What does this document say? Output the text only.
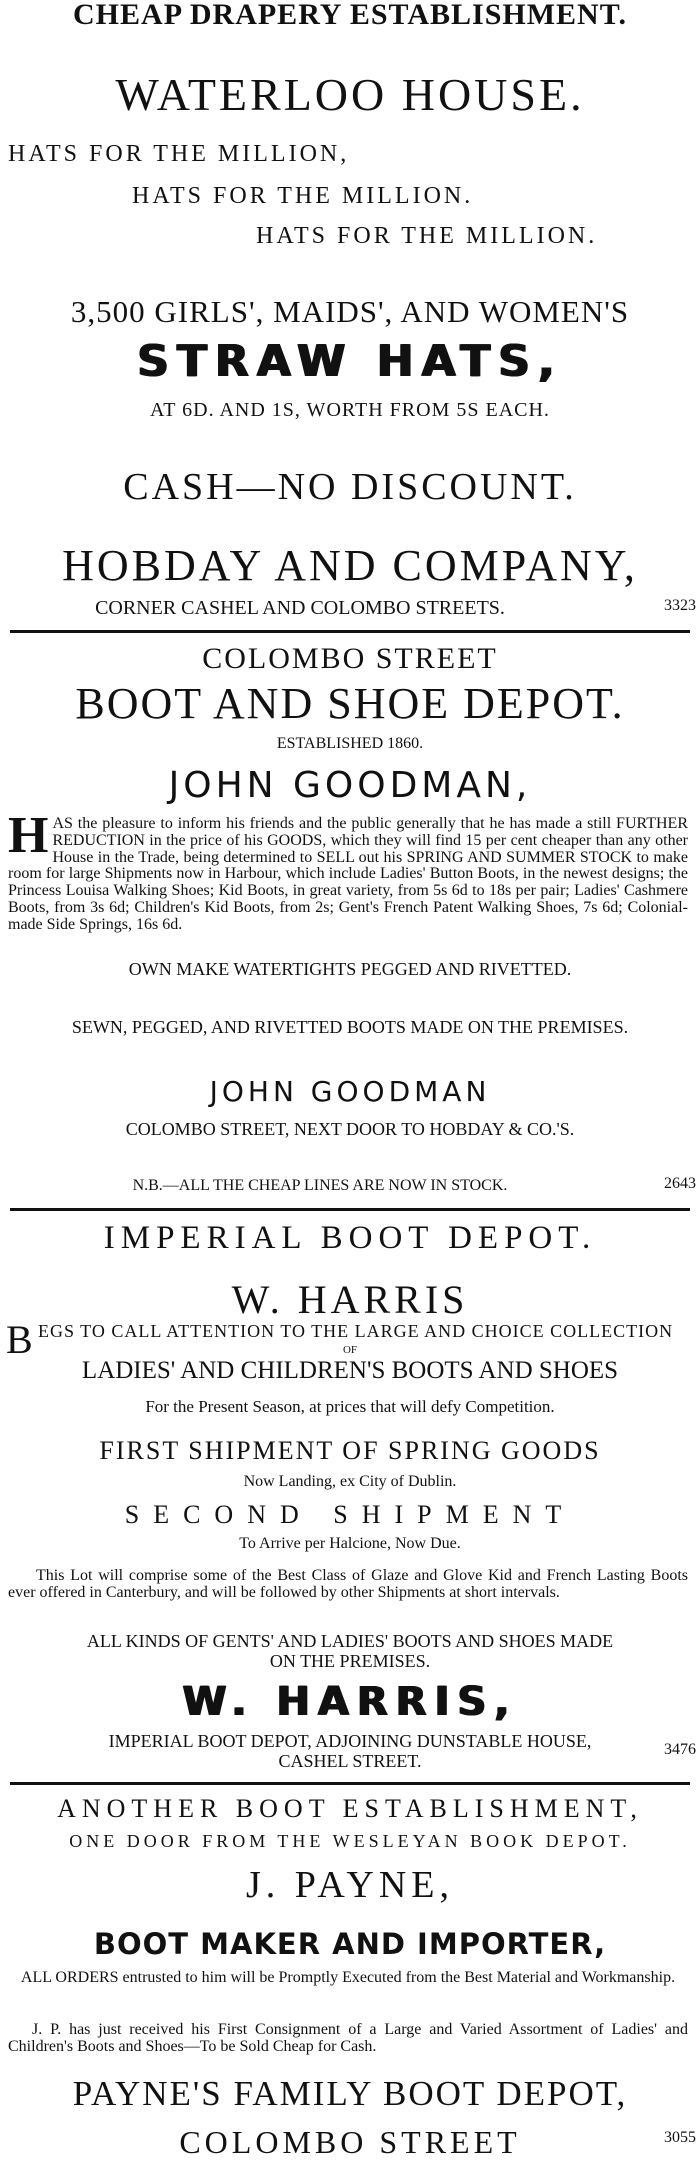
CHEAP DRAPERY ESTABLISHMENT.
WATERLOO HOUSE.
HATS FOR THE MILLION,
HATS FOR THE MILLION.
HATS FOR THE MILLION.
3,500 GIRLS', MAIDS', AND WOMEN'S
STRAW HATS,
AT 6D. AND 1S, WORTH FROM 5S EACH.
CASH—NO DISCOUNT.
HOBDAY AND COMPANY,
CORNER CASHEL AND COLOMBO STREETS.	3323
COLOMBO STREET
BOOT AND SHOE DEPOT.
ESTABLISHED 1860.
JOHN GOODMAN,
HAS the pleasure to inform his friends and the public generally that he has made a still FURTHER REDUCTION in the price of his GOODS, which they will find 15 per cent cheaper than any other House in the Trade, being determined to SELL out his SPRING AND SUMMER STOCK to make room for large Shipments now in Harbour, which include Ladies' Button Boots, in the newest designs; the Princess Louisa Walking Shoes; Kid Boots, in great variety, from 5s 6d to 18s per pair; Ladies' Cashmere Boots, from 3s 6d; Children's Kid Boots, from 2s; Gent's French Patent Walking Shoes, 7s 6d; Colonial-made Side Springs, 16s 6d.
OWN MAKE WATERTIGHTS PEGGED AND RIVETTED.
SEWN, PEGGED, AND RIVETTED BOOTS MADE ON THE PREMISES.
JOHN GOODMAN
COLOMBO STREET, NEXT DOOR TO HOBDAY & CO.'S.
N.B.—ALL THE CHEAP LINES ARE NOW IN STOCK.	2643
IMPERIAL BOOT DEPOT.
W. HARRIS
B EGS TO CALL ATTENTION TO THE LARGE AND CHOICE COLLECTION
OF
LADIES' AND CHILDREN'S BOOTS AND SHOES
For the Present Season, at prices that will defy Competition.
FIRST SHIPMENT OF SPRING GOODS
Now Landing, ex City of Dublin.
SECOND SHIPMENT
To Arrive per Halcione, Now Due.
This Lot will comprise some of the Best Class of Glaze and Glove Kid and French Lasting Boots ever offered in Canterbury, and will be followed by other Shipments at short intervals.
ALL KINDS OF GENTS' AND LADIES' BOOTS AND SHOES MADE
ON THE PREMISES.
W. HARRIS,
IMPERIAL BOOT DEPOT, ADJOINING DUNSTABLE HOUSE,
CASHEL STREET.
3476
ANOTHER BOOT ESTABLISHMENT,
ONE DOOR FROM THE WESLEYAN BOOK DEPOT.
J. PAYNE,
BOOT MAKER AND IMPORTER,
ALL ORDERS entrusted to him will be Promptly Executed from the Best Material and Workmanship.
J. P. has just received his First Consignment of a Large and Varied Assortment of Ladies' and Children's Boots and Shoes—To be Sold Cheap for Cash.
PAYNE'S FAMILY BOOT DEPOT,
COLOMBO STREET	3055
